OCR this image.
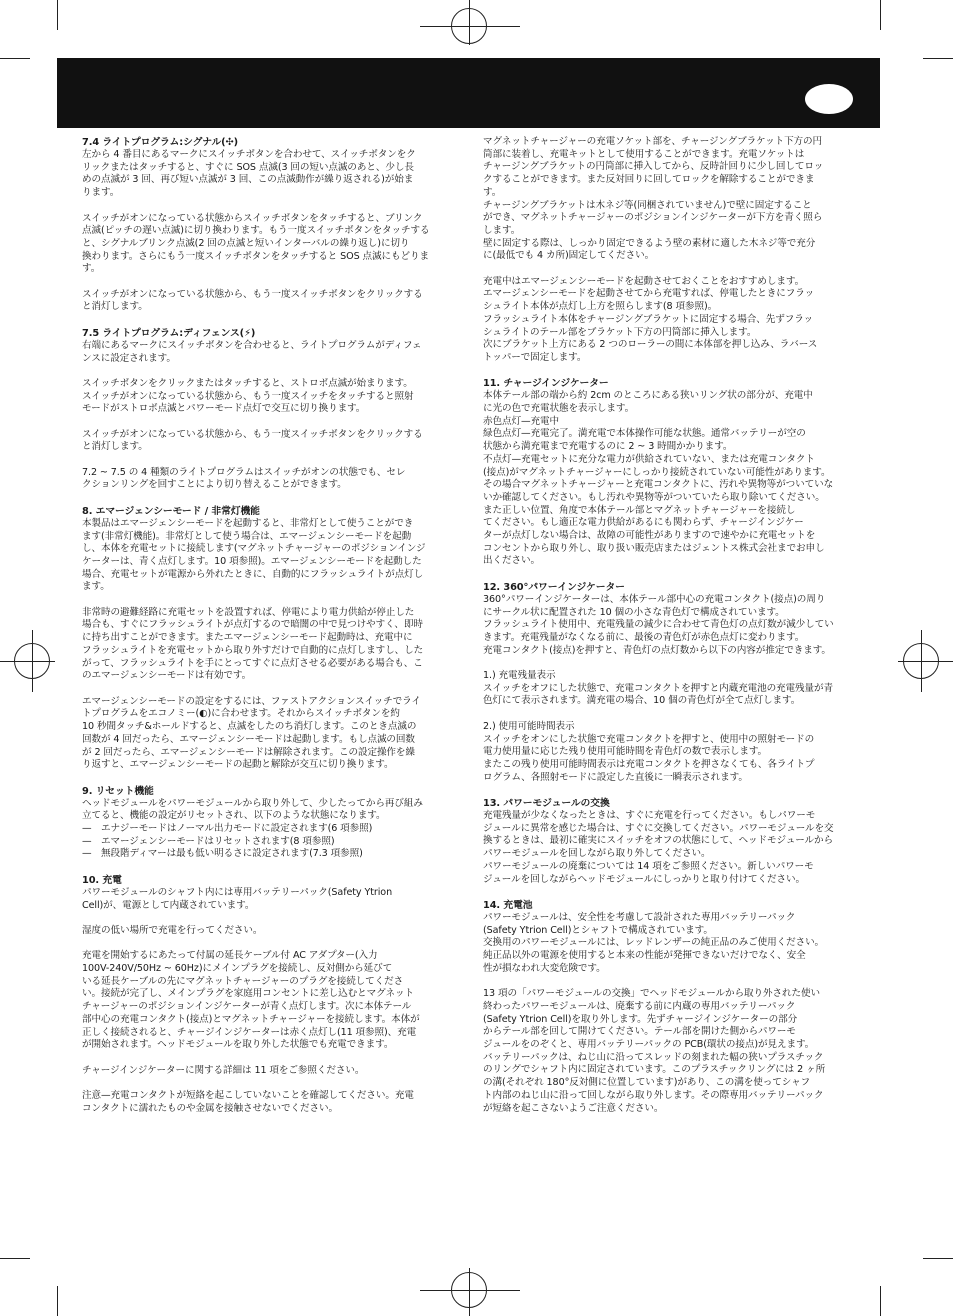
7.4 ライトプログラム:シグナル(✣)

左から 4 番目にあるマークにスイッチボタンを合わせて、スイッチボタンをク
リックまたはタッチすると、すぐに SOS 点滅(3 回の短い点滅のあと、少し長
めの点滅が 3 回、再び短い点滅が 3 回、この点滅動作が繰り返される)が始ま
ります。

スイッチがオンになっている状態からスイッチボタンをタッチすると、ブリンク
点滅(ピッチの遅い点滅)に切り換わります。もう一度スイッチボタンをタッチする
と、シグナルブリンク点滅(2 回の点滅と短いインターバルの繰り返し)に切り
換わります。さらにもう一度スイッチボタンをタッチすると SOS 点滅にもどりま
す。

スイッチがオンになっている状態から、もう一度スイッチボタンをクリックする
と消灯します。

7.5 ライトプログラム:ディフェンス(⚡)

右端にあるマークにスイッチボタンを合わせると、ライトプログラムがディフェ
ンスに設定されます。

スイッチボタンをクリックまたはタッチすると、ストロボ点滅が始まります。
スイッチがオンになっている状態から、もう一度スイッチをタッチすると照射
モードがストロボ点滅とパワーモード点灯で交互に切り換ります。

スイッチがオンになっている状態から、もう一度スイッチボタンをクリックする
と消灯します。

7.2 ~ 7.5 の 4 種類のライトプログラムはスイッチがオンの状態でも、セレ
クションリングを回すことにより切り替えることができます。

8. エマージェンシーモード / 非常灯機能

本製品はエマージェンシーモードを起動すると、非常灯として使うことができ
ます(非常灯機能)。非常灯として使う場合は、エマージェンシーモードを起動
し、本体を充電セットに接続します(マグネットチャージャーのポジションインジ
ケーターは、青く点灯します。10 項参照)。エマージェンシーモードを起動した
場合、充電セットが電源から外れたときに、自動的にフラッシュライトが点灯し
ます。

非常時の避難経路に充電セットを設置すれば、停電により電力供給が停止した
場合も、すぐにフラッシュライトが点灯するので暗闇の中で見つけやすく、即時
に持ち出すことができます。またエマージェンシーモード起動時は、充電中に
フラッシュライトを充電セットから取り外すだけで自動的に点灯しますし、した
がって、フラッシュライトを手にとってすぐに点灯させる必要がある場合も、こ
のエマージェンシーモードは有効です。

エマージェンシーモードの設定をするには、ファストアクションスイッチでライ
トプログラムをエコノミー(◐)に合わせます。それからスイッチボタンを約
10 秒間タッチ&ホールドすると、点滅をしたのち消灯します。このとき点滅の
回数が 4 回だったら、エマージェンシーモードは起動します。もし点滅の回数
が 2 回だったら、エマージェンシーモードは解除されます。この設定操作を繰
り返すと、エマージェンシーモードの起動と解除が交互に切り換ります。

9. リセット機能

ヘッドモジュールをパワーモジュールから取り外して、少したってから再び組み
立てると、機能の設定がリセットされ、以下のような状態になります。
—　エナジーモードはノーマル出力モードに設定されます(6 項参照)
—　エマージェンシーモードはリセットされます(8 項参照)
—　無段階ディマーは最も低い明るさに設定されます(7.3 項参照)

10. 充電

パワーモジュールのシャフト内には専用バッテリーパック(Safety Ytrion
Cell)が、電源として内蔵されています。

湿度の低い場所で充電を行ってください。

充電を開始するにあたって付属の延長ケーブル付 AC アダプター(入力
100V-240V/50Hz ~ 60Hz)にメインプラグを接続し、反対側から延びて
いる延長ケーブルの先にマグネットチャージャーのプラグを接続してくださ
い。接続が完了し、メインプラグを家庭用コンセントに差し込むとマグネット
チャージャーのポジションインジケーターが青く点灯します。次に本体テール
部中心の充電コンタクト(接点)とマグネットチャージャーを接続します。本体が
正しく接続されると、チャージインジケーターは赤く点灯し(11 項参照)、充電
が開始されます。ヘッドモジュールを取り外した状態でも充電できます。

チャージインジケーターに関する詳細は 11 項をご参照ください。

注意—充電コンタクトが短絡を起こしていないことを確認してください。充電
コンタクトに濡れたものや金属を接触させないでください。

マグネットチャージャーの充電ソケット部を、チャージングブラケット下方の円
筒部に装着し、充電キットとして使用することができます。充電ソケットは
チャージングブラケットの円筒部に挿入してから、反時計回りに少し回してロッ
クすることができます。また反対回りに回してロックを解除することができま
す。
チャージングブラケットは木ネジ等(同梱されていません)で壁に固定すること
ができ、マグネットチャージャーのポジションインジケーターが下方を青く照ら
します。
壁に固定する際は、しっかり固定できるよう壁の素材に適した木ネジ等で充分
に(最低でも 4 カ所)固定してください。

充電中はエマージェンシーモードを起動させておくことをおすすめします。
エマージェンシーモードを起動させてから充電すれば、停電したときにフラッ
シュライト本体が点灯し上方を照らします(8 項参照)。
フラッシュライト本体をチャージングブラケットに固定する場合、先ずフラッ
シュライトのテール部をブラケット下方の円筒部に挿入します。
次にブラケット上方にある 2 つのローラーの間に本体部を押し込み、ラバース
トッパーで固定します。

11. チャージインジケーター

本体テール部の端から約 2cm のところにある狭いリング状の部分が、充電中
に光の色で充電状態を表示します。
赤色点灯—充電中
緑色点灯—充電完了。満充電で本体操作可能な状態。通常バッテリーが空の
状態から満充電まで充電するのに 2 ~ 3 時間かかります。
不点灯—充電セットに充分な電力が供給されていない、または充電コンタクト
(接点)がマグネットチャージャーにしっかり接続されていない可能性があります。
その場合マグネットチャージャーと充電コンタクトに、汚れや異物等がついていな
いか確認してください。もし汚れや異物等がついていたら取り除いてください。
また正しい位置、角度で本体テール部とマグネットチャージャーを接続し
てください。もし適正な電力供給があるにも関わらず、チャージインジケー
ターが点灯しない場合は、故障の可能性がありますので速やかに充電セットを
コンセントから取り外し、取り扱い販売店またはジェントス株式会社までお申し
出ください。

12. 360°パワーインジケーター

360°パワーインジケーターは、本体テール部中心の充電コンタクト(接点)の周り
にサークル状に配置された 10 個の小さな青色灯で構成されています。
フラッシュライト使用中、充電残量の減少に合わせて青色灯の点灯数が減少してい
きます。充電残量がなくなる前に、最後の青色灯が赤色点灯に変わります。
充電コンタクト(接点)を押すと、青色灯の点灯数から以下の内容が推定できます。

1.) 充電残量表示
スイッチをオフにした状態で、充電コンタクトを押すと内蔵充電池の充電残量が青
色灯にて表示されます。満充電の場合、10 個の青色灯が全て点灯します。

2.) 使用可能時間表示
スイッチをオンにした状態で充電コンタクトを押すと、使用中の照射モードの
電力使用量に応じた残り使用可能時間を青色灯の数で表示します。
またこの残り使用可能時間表示は充電コンタクトを押さなくても、各ライトプ
ログラム、各照射モードに設定した直後に一瞬表示されます。

13. パワーモジュールの交換

充電残量が少なくなったときは、すぐに充電を行ってください。もしパワーモ
ジュールに異常を感じた場合は、すぐに交換してください。パワーモジュールを交
換するときは、最初に確実にスイッチをオフの状態にして、ヘッドモジュールから
パワーモジュールを回しながら取り外してください。
パワーモジュールの廃棄については 14 項をご参照ください。新しいパワーモ
ジュールを回しながらヘッドモジュールにしっかりと取り付けてください。

14. 充電池

パワーモジュールは、安全性を考慮して設計された専用バッテリーパック
(Safety Ytrion Cell)とシャフトで構成されています。
交換用のパワーモジュールには、レッドレンザーの純正品のみご使用ください。
純正品以外の電源を使用すると本来の性能が発揮できないだけでなく、安全
性が損なわれ大変危険です。

13 項の「パワーモジュールの交換」でヘッドモジュールから取り外された使い
終わったパワーモジュールは、廃棄する前に内蔵の専用バッテリーパック
(Safety Ytrion Cell)を取り外します。先ずチャージインジケーターの部分
からテール部を回して開けてください。テール部を開けた側からパワーモ
ジュールをのぞくと、専用バッテリーパックの PCB(環状の接点)が見えます。
バッテリーパックは、ねじ山に沿ってスレッドの刻まれた幅の狭いプラスチック
のリングでシャフト内に固定されています。このプラスチックリングには 2 ヶ所
の溝(それぞれ 180°反対側に位置しています)があり、この溝を使ってシャフ
ト内部のねじ山に沿って回しながら取り外します。その際専用バッテリーパック
が短絡を起こさないようご注意ください。
